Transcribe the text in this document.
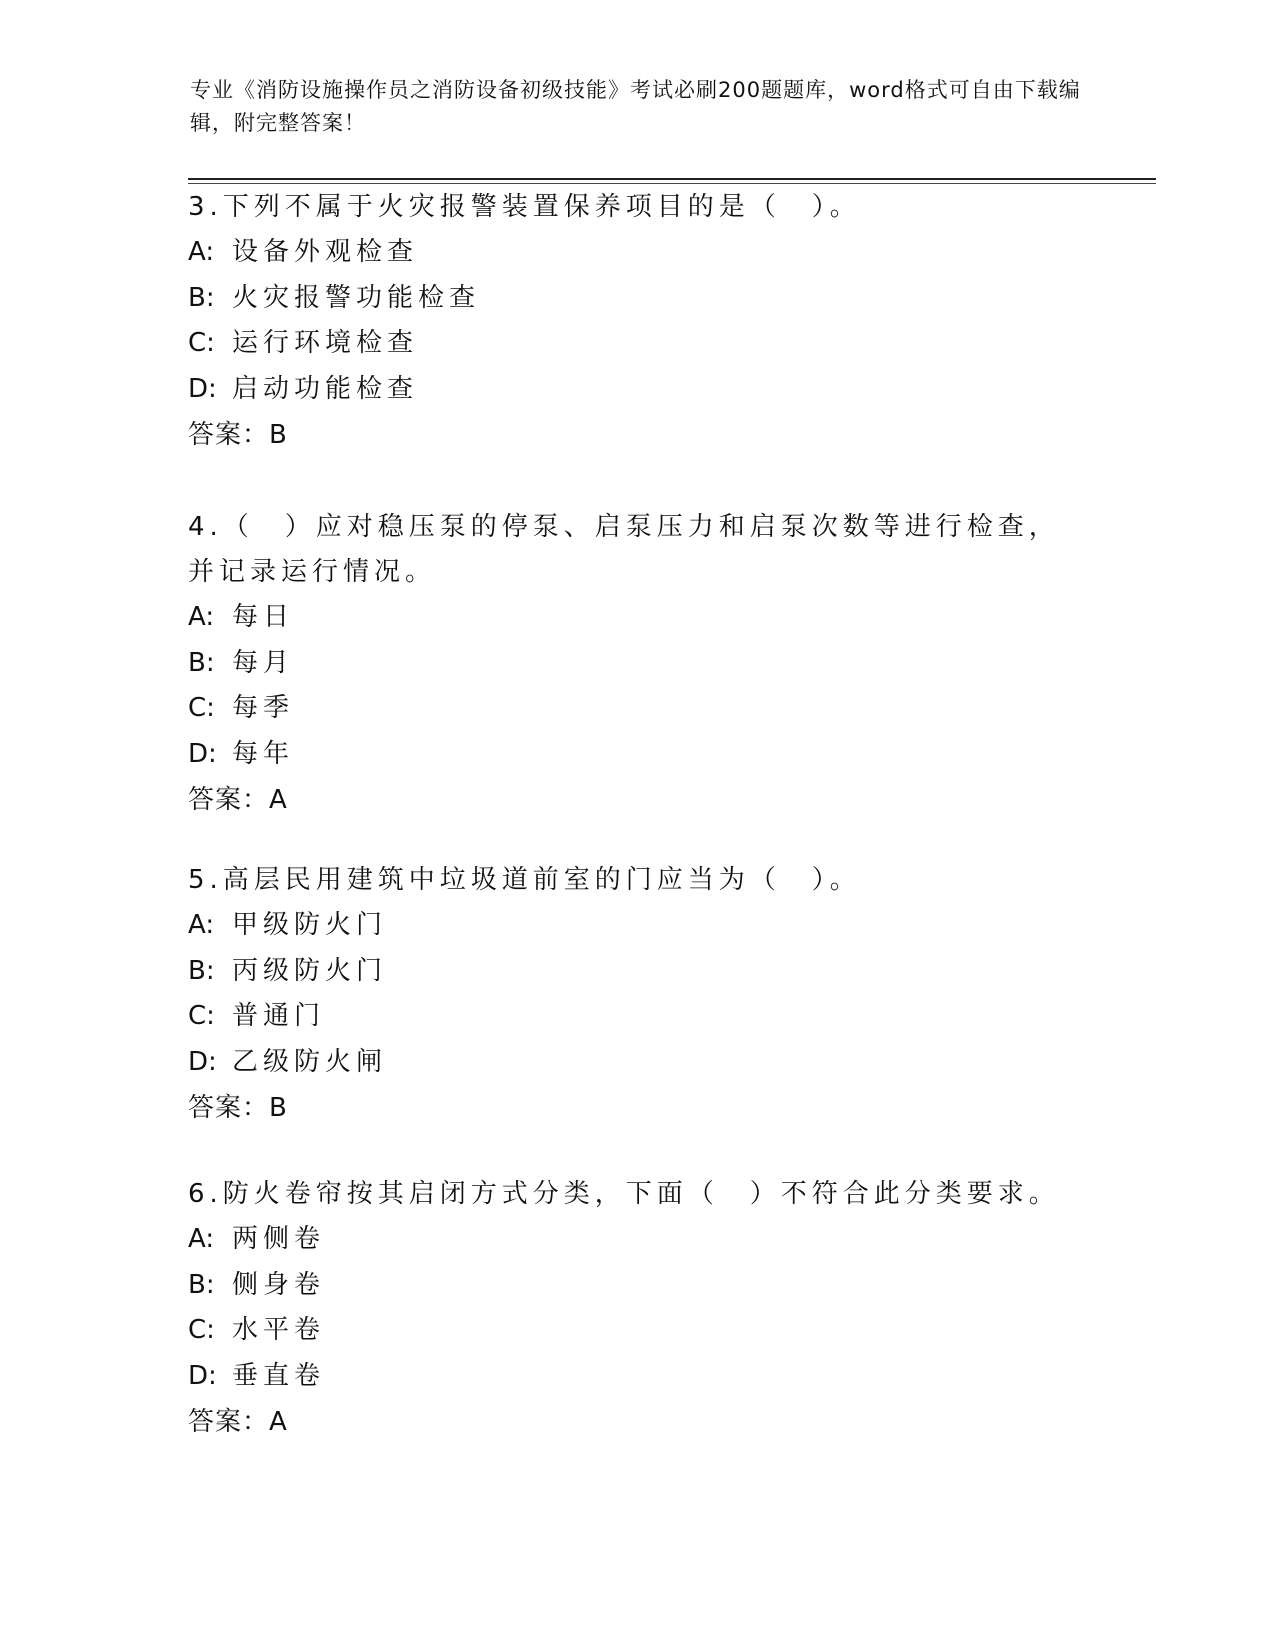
专业《消防设施操作员之消防设备初级技能》考试必刷200题题库，word格式可自由下载编辑，附完整答案！

3.下列不属于火灾报警装置保养项目的是（　）。

A: 设备外观检查

B: 火灾报警功能检查

C: 运行环境检查

D: 启动功能检查

答案：B

4.（　）应对稳压泵的停泵、启泵压力和启泵次数等进行检查，并记录运行情况。

A: 每日

B: 每月

C: 每季

D: 每年

答案：A

5.高层民用建筑中垃圾道前室的门应当为（　）。

A: 甲级防火门

B: 丙级防火门

C: 普通门

D: 乙级防火闸

答案：B

6.防火卷帘按其启闭方式分类，下面（　）不符合此分类要求。

A: 两侧卷

B: 侧身卷

C: 水平卷

D: 垂直卷

答案：A
